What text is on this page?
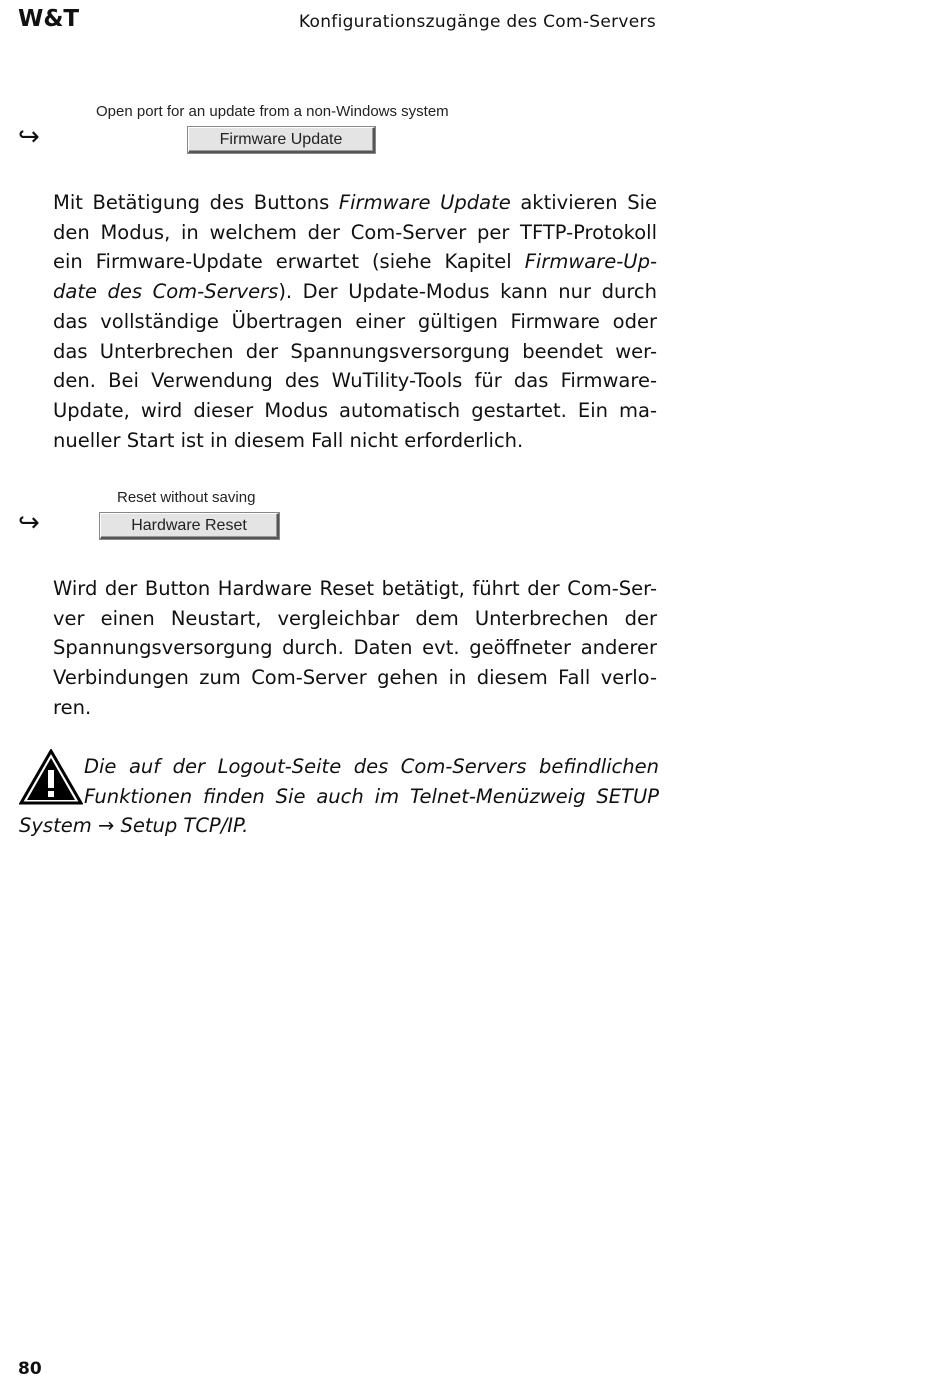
W&T	Konfigurationszugänge des Com-Servers
↪
Open port for an update from a non-Windows system
Firmware Update
Mit Betätigung des Buttons Firmware Update aktivieren Sie
den Modus, in welchem der Com-Server per TFTP-Protokoll
ein Firmware-Update erwartet (siehe Kapitel Firmware-Up-
date des Com-Servers). Der Update-Modus kann nur durch
das vollständige Übertragen einer gültigen Firmware oder
das Unterbrechen der Spannungsversorgung beendet wer-
den. Bei Verwendung des WuTility-Tools für das Firmware-
Update, wird dieser Modus automatisch gestartet. Ein ma-
nueller Start ist in diesem Fall nicht erforderlich.
↪
Reset without saving
Hardware Reset
Wird der Button Hardware Reset betätigt, führt der Com-Ser-
ver einen Neustart, vergleichbar dem Unterbrechen der
Spannungsversorgung durch. Daten evt. geöffneter anderer
Verbindungen zum Com-Server gehen in diesem Fall verlo-
ren.
Die auf der Logout-Seite des Com-Servers befindlichen
Funktionen finden Sie auch im Telnet-Menüzweig SETUP
System → Setup TCP/IP.
80
